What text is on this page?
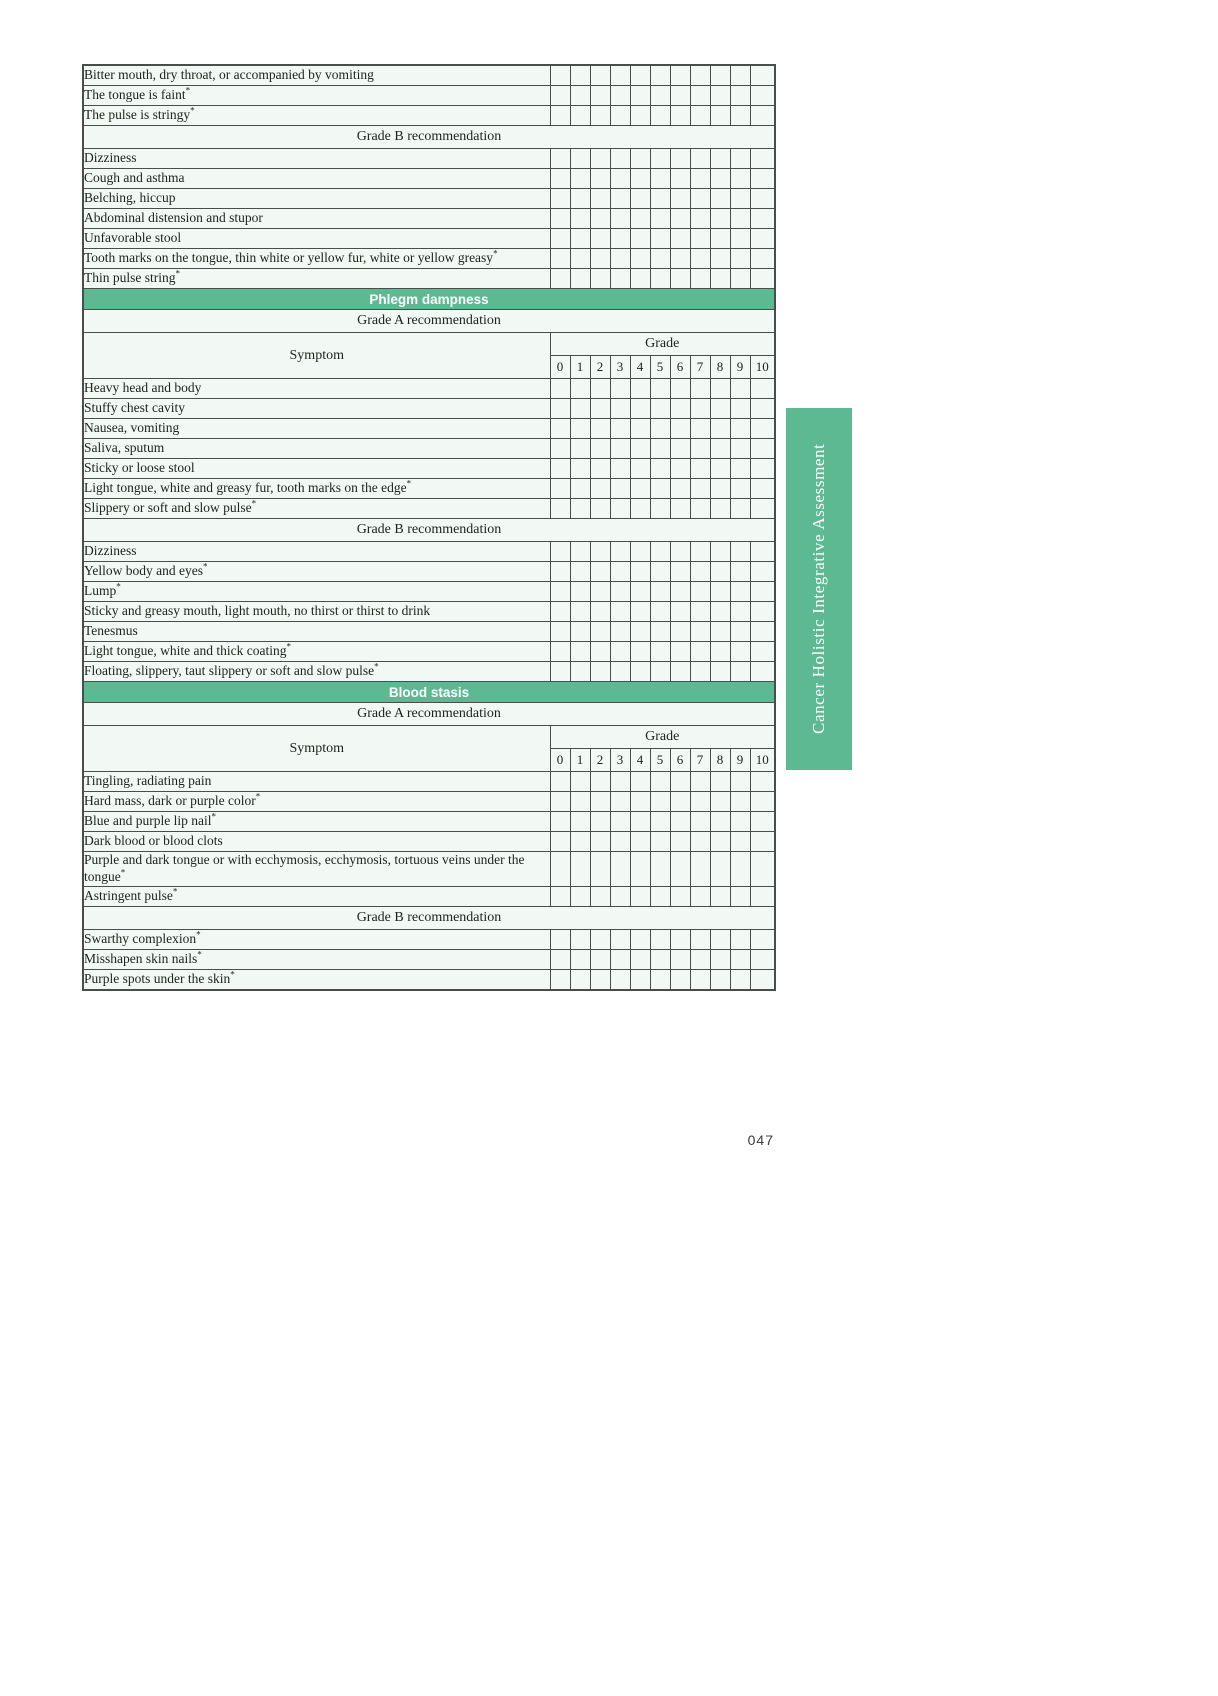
Bitter mouth, dry throat, or accompanied by vomiting											
The tongue is faint*											
The pulse is stringy*											
Grade B recommendation											
Dizziness											
Cough and asthma											
Belching, hiccup											
Abdominal distension and stupor											
Unfavorable stool											
Tooth marks on the tongue, thin white or yellow fur, white or yellow greasy*											
Thin pulse string*											
Phlegm dampness											
Grade A recommendation											
Symptom	Grade										
	0	1	2	3	4	5	6	7	8	9	10
Heavy head and body											
Stuffy chest cavity											
Nausea, vomiting											
Saliva, sputum											
Sticky or loose stool											
Light tongue, white and greasy fur, tooth marks on the edge*											
Slippery or soft and slow pulse*											
Grade B recommendation											
Dizziness											
Yellow body and eyes*											
Lump*											
Sticky and greasy mouth, light mouth, no thirst or thirst to drink											
Tenesmus											
Light tongue, white and thick coating*											
Floating, slippery, taut slippery or soft and slow pulse*											
Blood stasis											
Grade A recommendation											
Symptom	Grade										
	0	1	2	3	4	5	6	7	8	9	10
Tingling, radiating pain											
Hard mass, dark or purple color*											
Blue and purple lip nail*											
Dark blood or blood clots											
Purple and dark tongue or with ecchymosis, ecchymosis, tortuous veins under the tongue*											
Astringent pulse*											
Grade B recommendation											
Swarthy complexion*											
Misshapen skin nails*											
Purple spots under the skin*											
Cancer Holistic Integrative Assessment
047
